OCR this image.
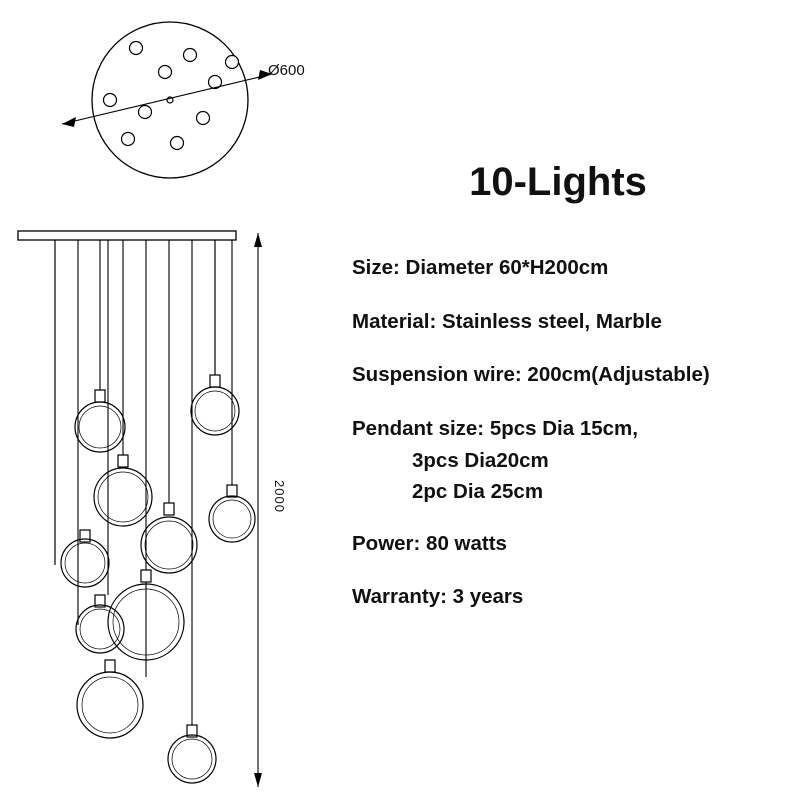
Ø600
2000
10-Lights

Size: Diameter 60*H200cm

Material: Stainless steel, Marble

Suspension wire: 200cm(Adjustable)

Pendant size: 5pcs Dia 15cm,

3pcs Dia20cm

2pc Dia 25cm

Power: 80 watts

Warranty: 3 years
